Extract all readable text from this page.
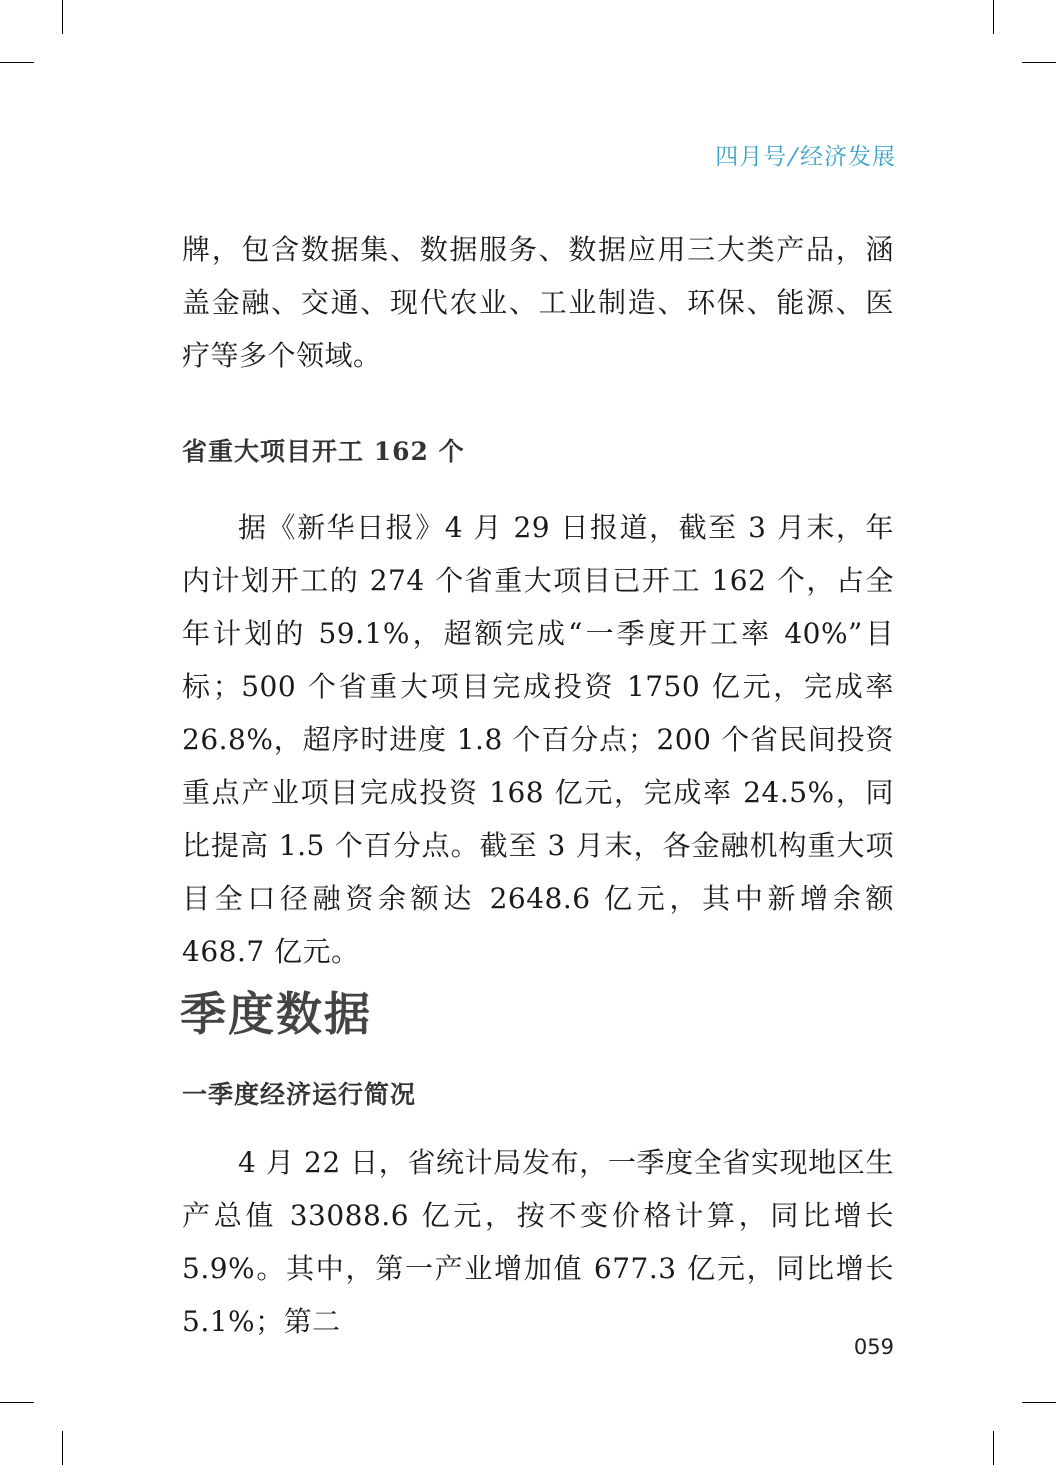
四月号/经济发展

牌，包含数据集、数据服务、数据应用三大类产品，涵盖金融、交通、现代农业、工业制造、环保、能源、医疗等多个领域。

省重大项目开工 162 个

据《新华日报》4 月 29 日报道，截至 3 月末，年内计划开工的 274 个省重大项目已开工 162 个，占全年计划的 59.1%，超额完成“一季度开工率 40%”目标；500 个省重大项目完成投资 1750 亿元，完成率 26.8%，超序时进度 1.8 个百分点；200 个省民间投资重点产业项目完成投资 168 亿元，完成率 24.5%，同比提高 1.5 个百分点。截至 3 月末，各金融机构重大项目全口径融资余额达 2648.6 亿元，其中新增余额 468.7 亿元。

季度数据
一季度经济运行简况

4 月 22 日，省统计局发布，一季度全省实现地区生产总值 33088.6 亿元，按不变价格计算，同比增长 5.9%。其中，第一产业增加值 677.3 亿元，同比增长 5.1%；第二

059
